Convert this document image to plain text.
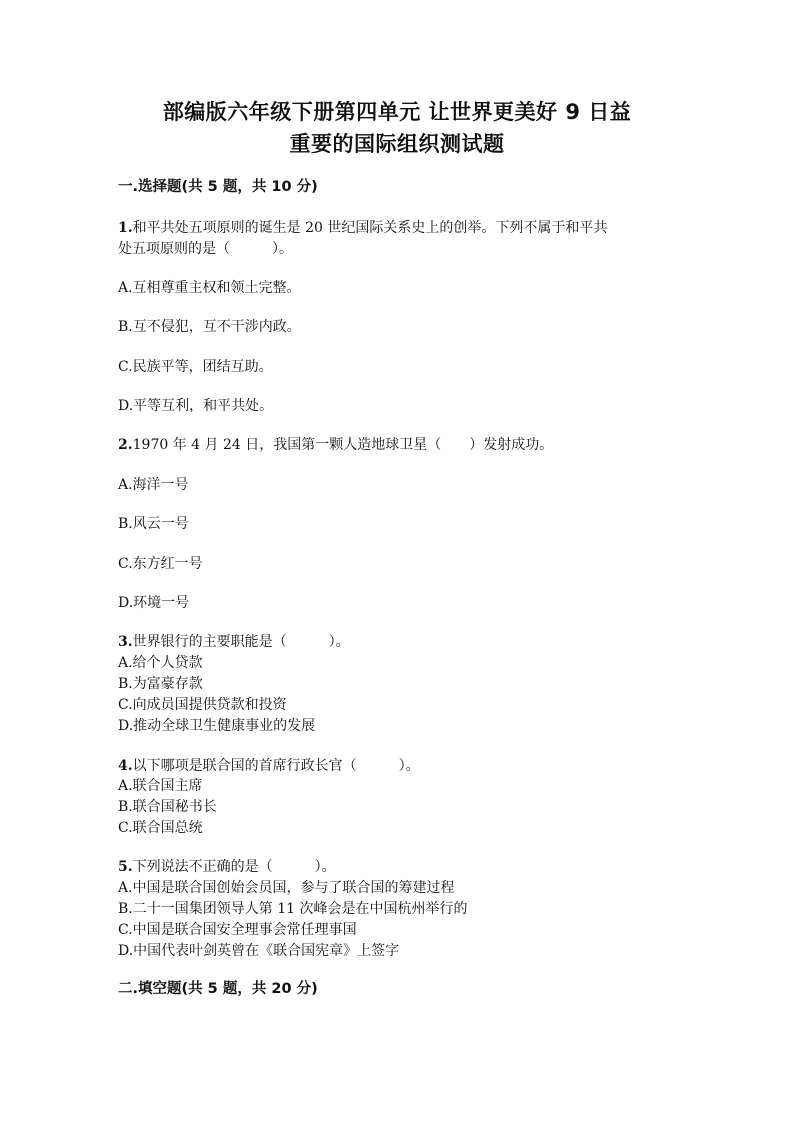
部编版六年级下册第四单元 让世界更美好 9 日益
重要的国际组织测试题
一.选择题(共 5 题，共 10 分)
1.和平共处五项原则的诞生是 20 世纪国际关系史上的创举。下列不属于和平共
处五项原则的是（　　　）。
A.互相尊重主权和领土完整。
B.互不侵犯，互不干涉内政。
C.民族平等，团结互助。
D.平等互利，和平共处。
2.1970 年 4 月 24 日，我国第一颗人造地球卫星（　　）发射成功。
A.海洋一号
B.风云一号
C.东方红一号
D.环境一号
3.世界银行的主要职能是（　　　）。
A.给个人贷款
B.为富豪存款
C.向成员国提供贷款和投资
D.推动全球卫生健康事业的发展
4.以下哪项是联合国的首席行政长官（　　　）。
A.联合国主席
B.联合国秘书长
C.联合国总统
5.下列说法不正确的是（　　　）。
A.中国是联合国创始会员国，参与了联合国的筹建过程
B.二十一国集团领导人第 11 次峰会是在中国杭州举行的
C.中国是联合国安全理事会常任理事国
D.中国代表叶剑英曾在《联合国宪章》上签字
二.填空题(共 5 题，共 20 分)
